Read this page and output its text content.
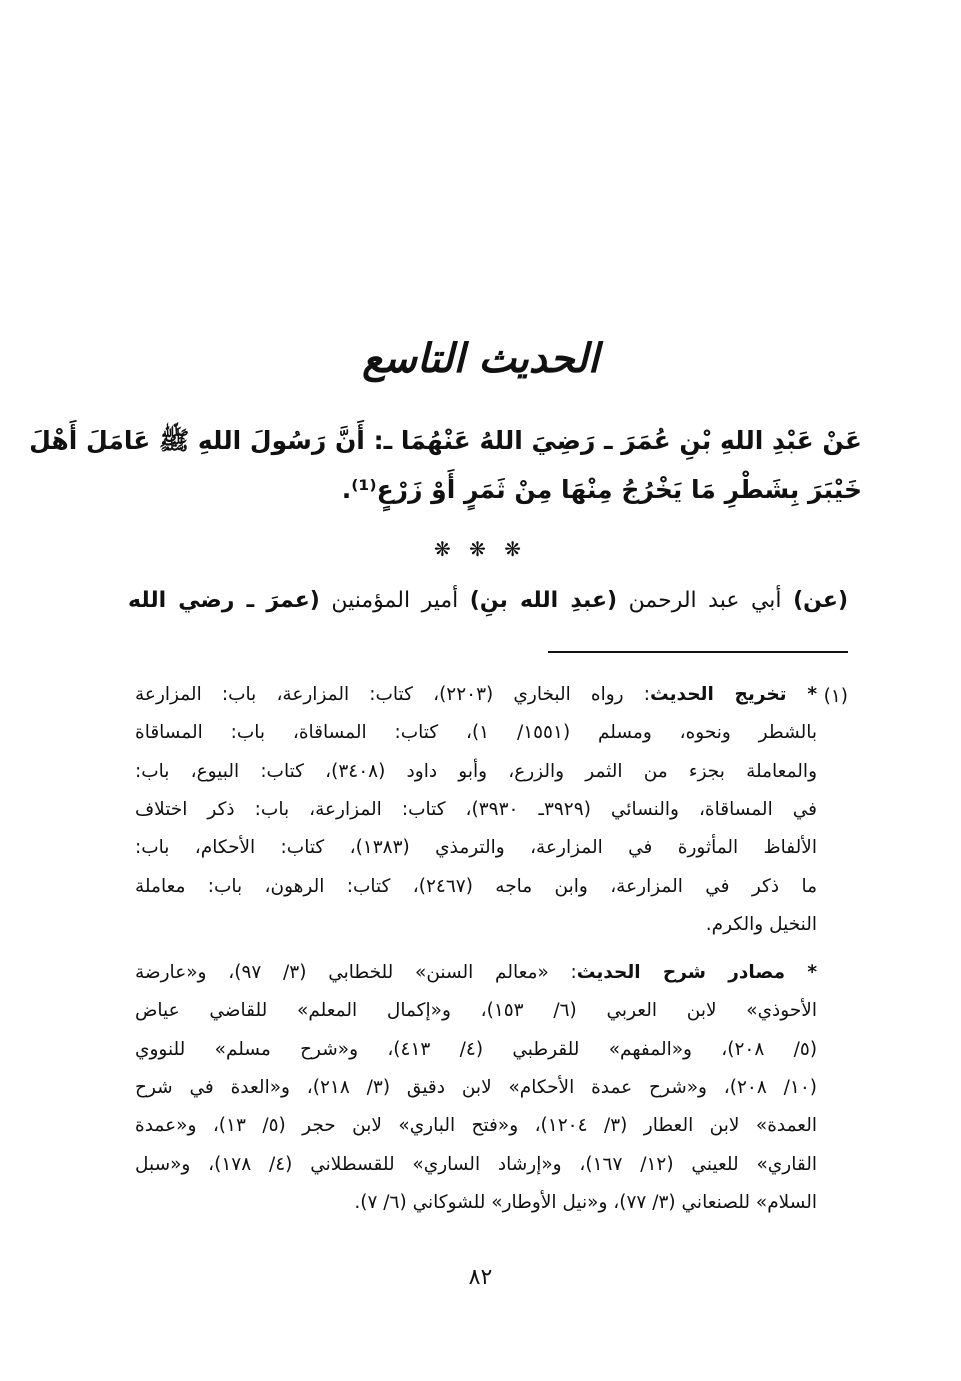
الحديث التاسع
عَنْ عَبْدِ اللهِ بْنِ عُمَرَ ـ رَضِيَ اللهُ عَنْهُمَا ـ: أَنَّ رَسُولَ اللهِ ﷺ عَامَلَ أَهْلَ
خَيْبَرَ بِشَطْرِ مَا يَخْرُجُ مِنْهَا مِنْ ثَمَرٍ أَوْ زَرْعٍ⁽¹⁾.
❋ ❋ ❋
(عن) أبي عبد الرحمن (عبدِ الله بنِ) أمير المؤمنين (عمرَ ـ رضي الله
(١)
* تخريج الحديث: رواه البخاري (٢٢٠٣)، كتاب: المزارعة، باب: المزارعة
بالشطر ونحوه، ومسلم (١٥٥١/ ١)، كتاب: المساقاة، باب: المساقاة
والمعاملة بجزء من الثمر والزرع، وأبو داود (٣٤٠٨)، كتاب: البيوع، باب:
في المساقاة، والنسائي (٣٩٢٩ـ ٣٩٣٠)، كتاب: المزارعة، باب: ذكر اختلاف
الألفاظ المأثورة في المزارعة، والترمذي (١٣٨٣)، كتاب: الأحكام، باب:
ما ذكر في المزارعة، وابن ماجه (٢٤٦٧)، كتاب: الرهون، باب: معاملة
النخيل والكرم.
* مصادر شرح الحديث: «معالم السنن» للخطابي (٣/ ٩٧)، و«عارضة
الأحوذي» لابن العربي (٦/ ١٥٣)، و«إكمال المعلم» للقاضي عياض
(٥/ ٢٠٨)، و«المفهم» للقرطبي (٤/ ٤١٣)، و«شرح مسلم» للنووي
(١٠/ ٢٠٨)، و«شرح عمدة الأحكام» لابن دقيق (٣/ ٢١٨)، و«العدة في شرح
العمدة» لابن العطار (٣/ ١٢٠٤)، و«فتح الباري» لابن حجر (٥/ ١٣)، و«عمدة
القاري» للعيني (١٢/ ١٦٧)، و«إرشاد الساري» للقسطلاني (٤/ ١٧٨)، و«سبل
السلام» للصنعاني (٣/ ٧٧)، و«نيل الأوطار» للشوكاني (٦/ ٧).
٨٢
